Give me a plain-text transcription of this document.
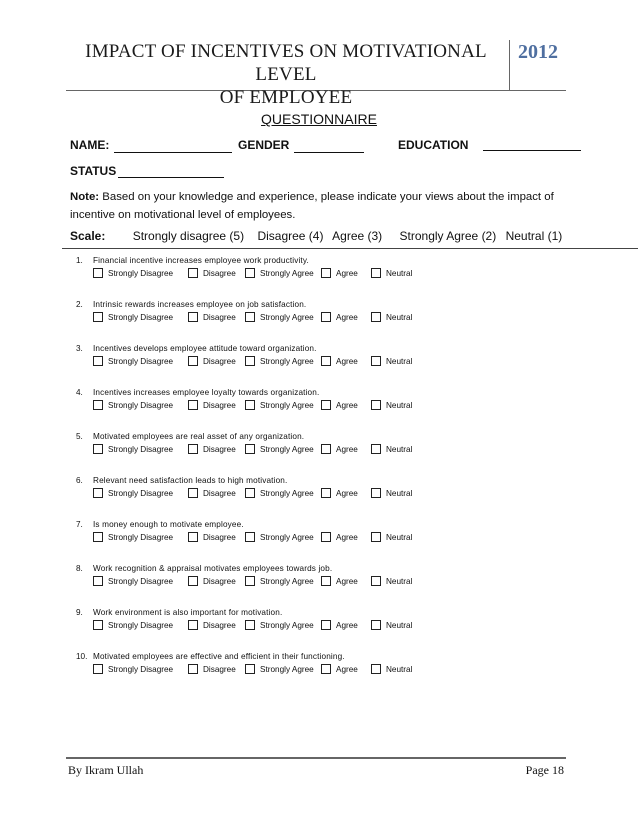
IMPACT OF INCENTIVES ON MOTIVATIONAL LEVEL
OF EMPLOYEE
2012
QUESTIONNAIRE
NAME:	GENDER	EDUCATION
STATUS
Note: Based on your knowledge and experience, please indicate your views about the impact of incentive on motivational level of employees.
Scale: Strongly disagree (5) Disagree (4) Agree (3) Strongly Agree (2) Neutral (1)
1. Financial incentive increases employee work productivity.
Strongly Disagree	Disagree	Strongly Agree	Agree	Neutral
2. Intrinsic rewards increases employee on job satisfaction.
Strongly Disagree	Disagree	Strongly Agree	Agree	Neutral
3. Incentives develops employee attitude toward organization.
Strongly Disagree	Disagree	Strongly Agree	Agree	Neutral
4. Incentives increases employee loyalty towards organization.
Strongly Disagree	Disagree	Strongly Agree	Agree	Neutral
5. Motivated employees are real asset of any organization.
Strongly Disagree	Disagree	Strongly Agree	Agree	Neutral
6. Relevant need satisfaction leads to high motivation.
Strongly Disagree	Disagree	Strongly Agree	Agree	Neutral
7. Is money enough to motivate employee.
Strongly Disagree	Disagree	Strongly Agree	Agree	Neutral
8. Work recognition & appraisal motivates employees towards job.
Strongly Disagree	Disagree	Strongly Agree	Agree	Neutral
9. Work environment is also important for motivation.
Strongly Disagree	Disagree	Strongly Agree	Agree	Neutral
10. Motivated employees are effective and efficient in their functioning.
Strongly Disagree	Disagree	Strongly Agree	Agree	Neutral
By Ikram Ullah	Page 18
